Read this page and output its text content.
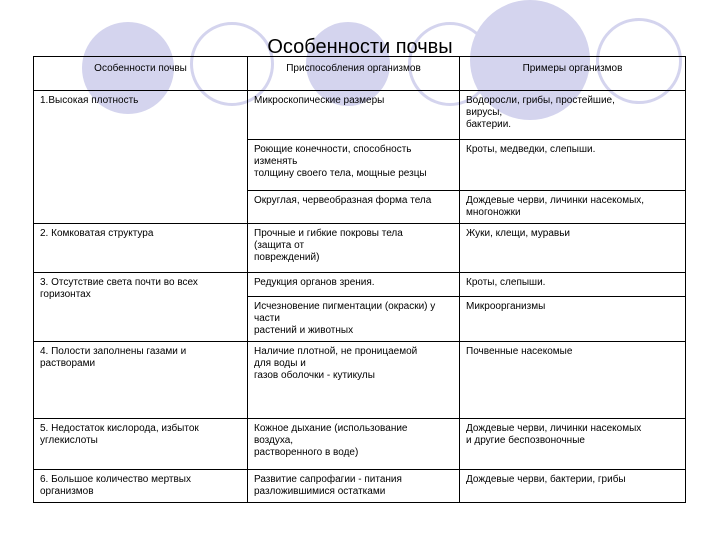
Особенности почвы
Особенности почвы	Приспособления организмов	Примеры организмов
1.Высокая плотность	Микроскопические размеры	Водоросли, грибы, простейшие,
вирусы,
бактерии.
	Роющие конечности, способность
изменять
толщину своего тела, мощные резцы	Кроты, медведки, слепыши.
	Округлая, червеобразная форма тела	Дождевые черви, личинки насекомых,
многоножки
2. Комковатая структура	Прочные и гибкие покровы тела
(защита от
повреждений)	Жуки, клещи, муравьи
3. Отсутствие света почти во всех
горизонтах	Редукция органов зрения.	Кроты, слепыши.
	Исчезновение пигментации (окраски) у
части
растений и животных	Микроорганизмы
4. Полости заполнены газами и
растворами	Наличие плотной, не проницаемой
для воды и
газов оболочки - кутикулы	Почвенные насекомые
5. Недостаток кислорода, избыток
углекислоты	Кожное дыхание (использование
воздуха,
растворенного в воде)	Дождевые черви, личинки насекомых
и другие беспозвоночные
6. Большое количество мертвых
организмов	Развитие сапрофагии - питания
разложившимися остатками	Дождевые черви, бактерии, грибы
